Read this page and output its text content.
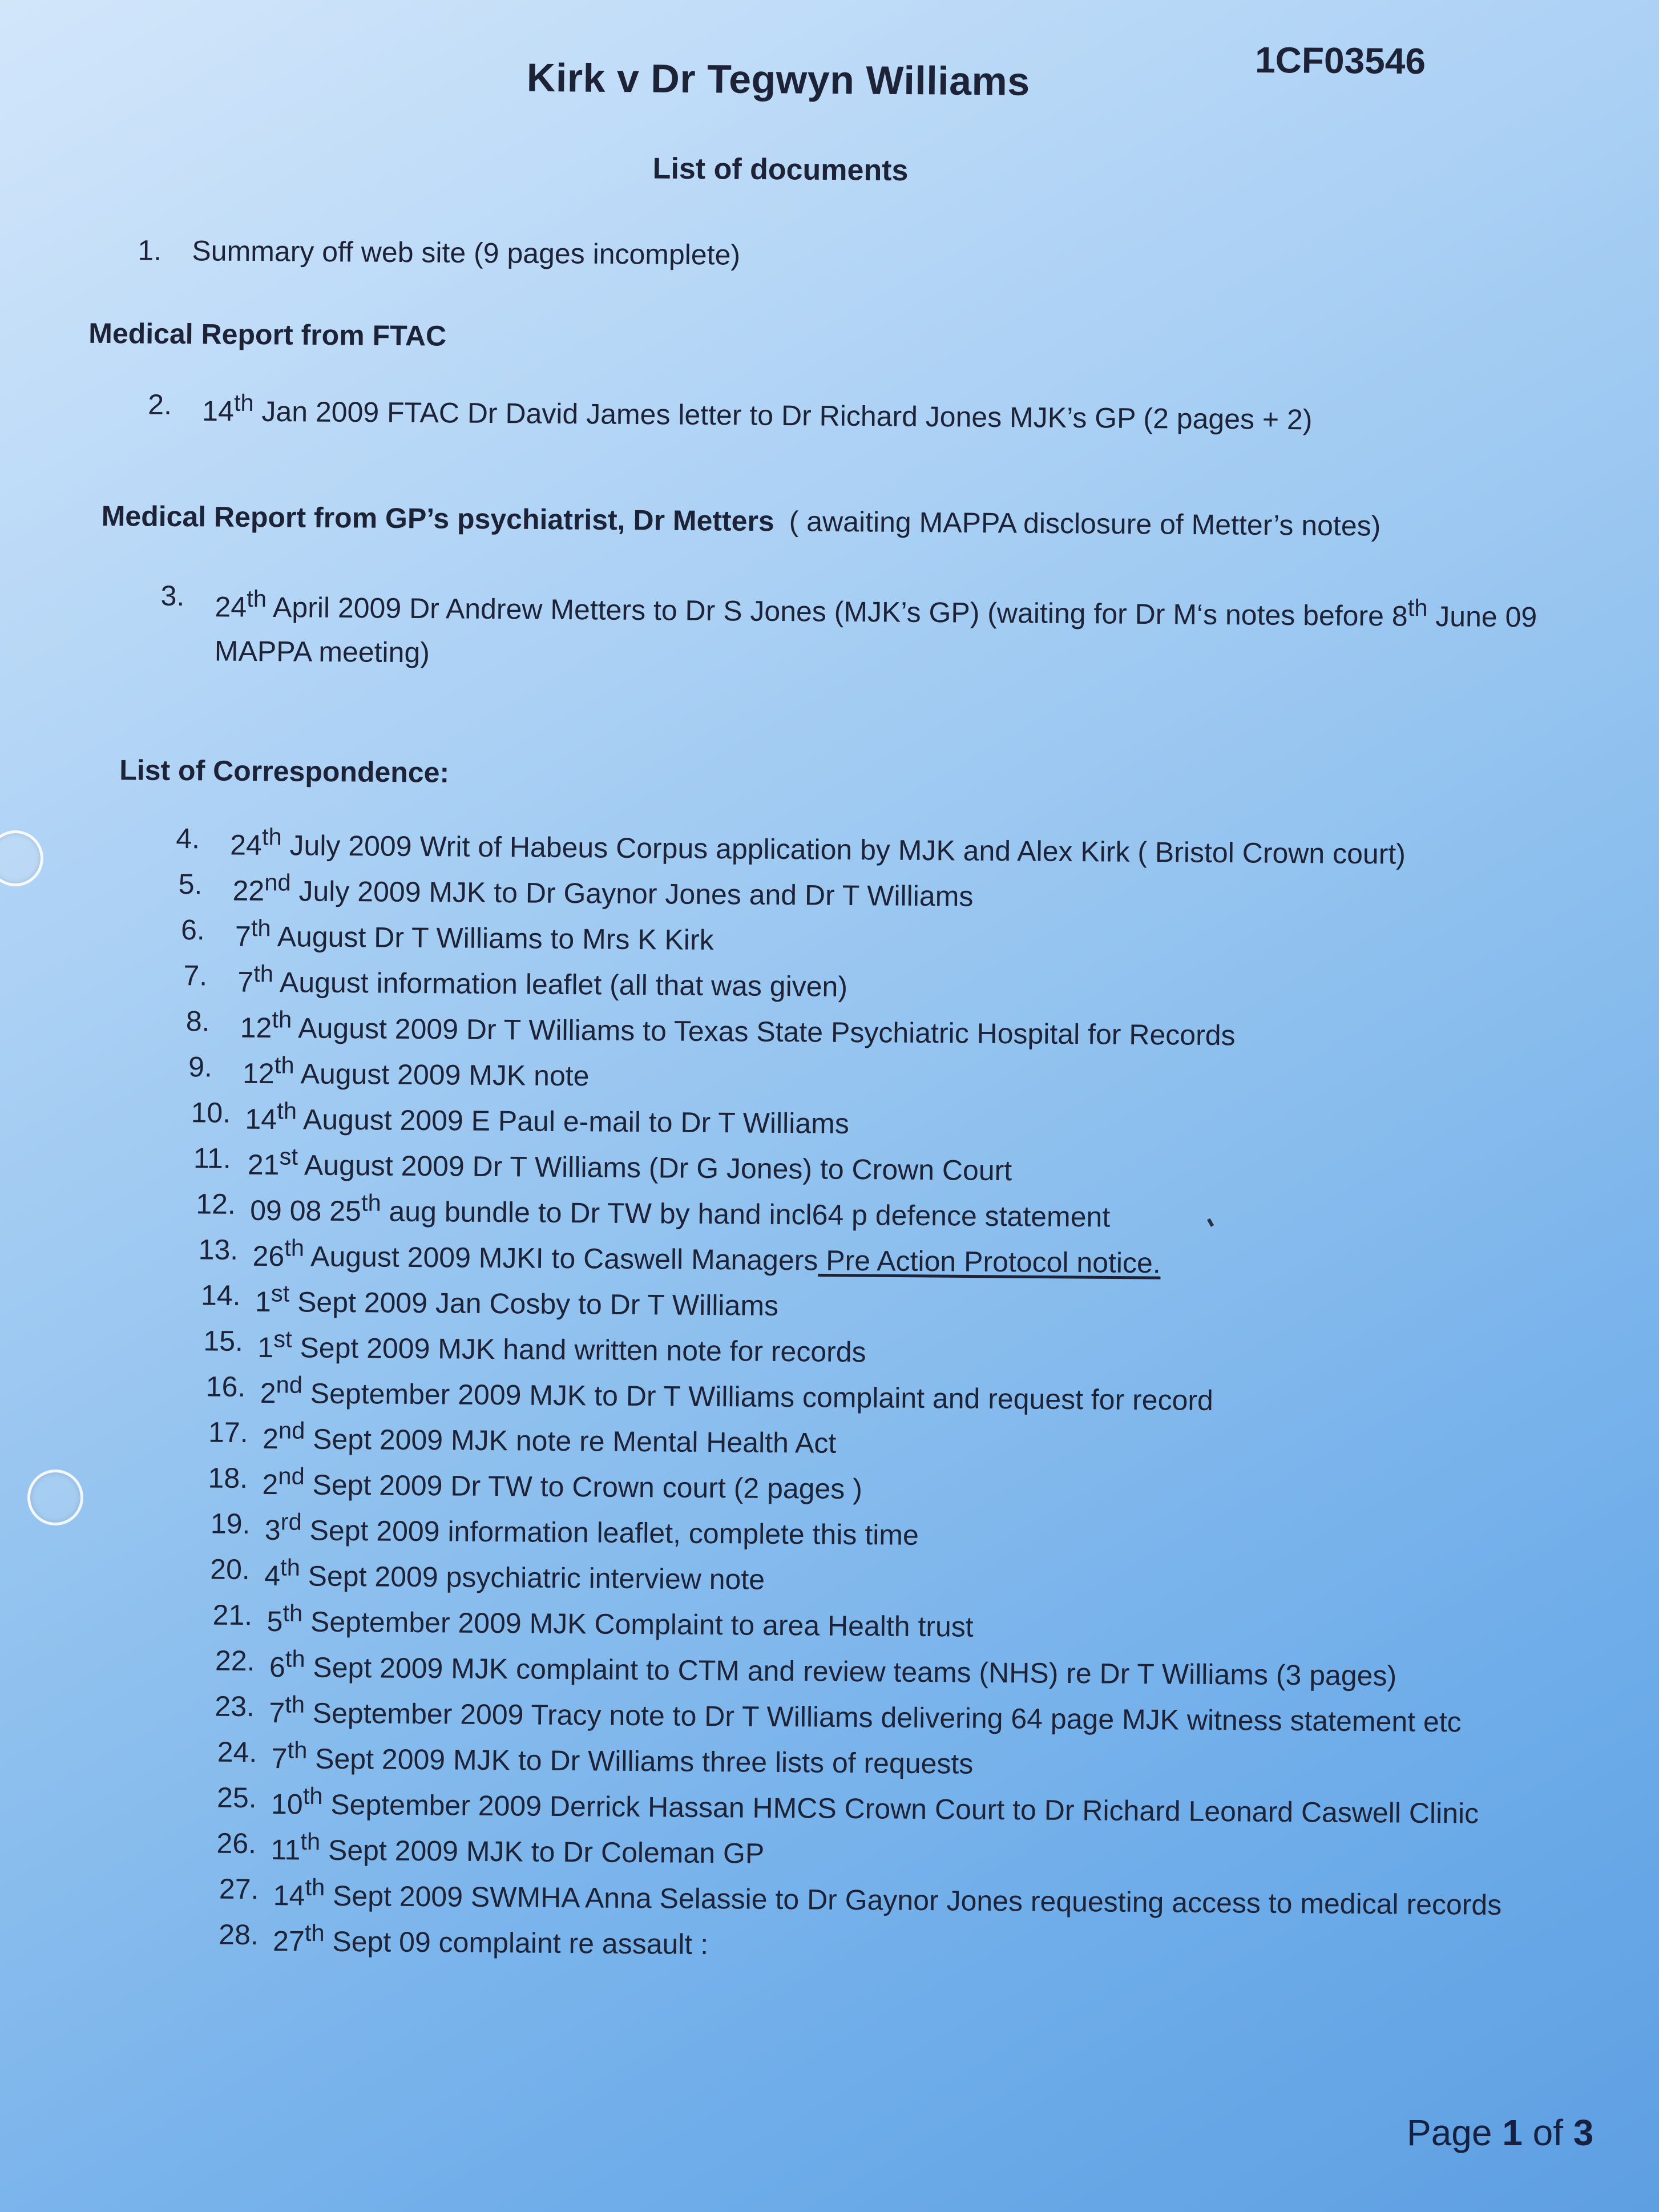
Kirk v Dr Tegwyn Williams	1CF03546
List of documents
1.	Summary off web site (9 pages incomplete)
Medical Report from FTAC
2.	14th Jan 2009 FTAC Dr David James letter to Dr Richard Jones MJK’s GP (2 pages + 2)
Medical Report from GP’s psychiatrist, Dr Metters ( awaiting MAPPA disclosure of Metter’s notes)
3.	24th April 2009 Dr Andrew Metters to Dr S Jones (MJK’s GP) (waiting for Dr M‘s notes before 8th June 09 MAPPA meeting)
List of Correspondence:
4.	24th July 2009 Writ of Habeus Corpus application by MJK and Alex Kirk ( Bristol Crown court)
5.	22nd July 2009 MJK to Dr Gaynor Jones and Dr T Williams
6.	7th August Dr T Williams to Mrs K Kirk
7.	7th August information leaflet (all that was given)
8.	12th August 2009 Dr T Williams to Texas State Psychiatric Hospital for Records
9.	12th August 2009 MJK note
10. 14th August 2009 E Paul e-mail to Dr T Williams
11. 21st August 2009 Dr T Williams (Dr G Jones) to Crown Court
12. 09 08 25th aug bundle to Dr TW by hand incl64 p defence statement
13. 26th August 2009 MJKI to Caswell Managers Pre Action Protocol notice.
14. 1st Sept 2009 Jan Cosby to Dr T Williams
15. 1st Sept 2009 MJK hand written note for records
16. 2nd September 2009 MJK to Dr T Williams complaint and request for record
17. 2nd Sept 2009 MJK note re Mental Health Act
18. 2nd Sept 2009 Dr TW to Crown court (2 pages )
19. 3rd Sept 2009 information leaflet, complete this time
20. 4th Sept 2009 psychiatric interview note
21. 5th September 2009 MJK Complaint to area Health trust
22. 6th Sept 2009 MJK complaint to CTM and review teams (NHS) re Dr T Williams (3 pages)
23. 7th September 2009 Tracy note to Dr T Williams delivering 64 page MJK witness statement etc
24. 7th Sept 2009 MJK to Dr Williams three lists of requests
25. 10th September 2009 Derrick Hassan HMCS Crown Court to Dr Richard Leonard Caswell Clinic
26. 11th Sept 2009 MJK to Dr Coleman GP
27. 14th Sept 2009 SWMHA Anna Selassie to Dr Gaynor Jones requesting access to medical records
28. 27th Sept 09 complaint re assault :
Page 1 of 3
